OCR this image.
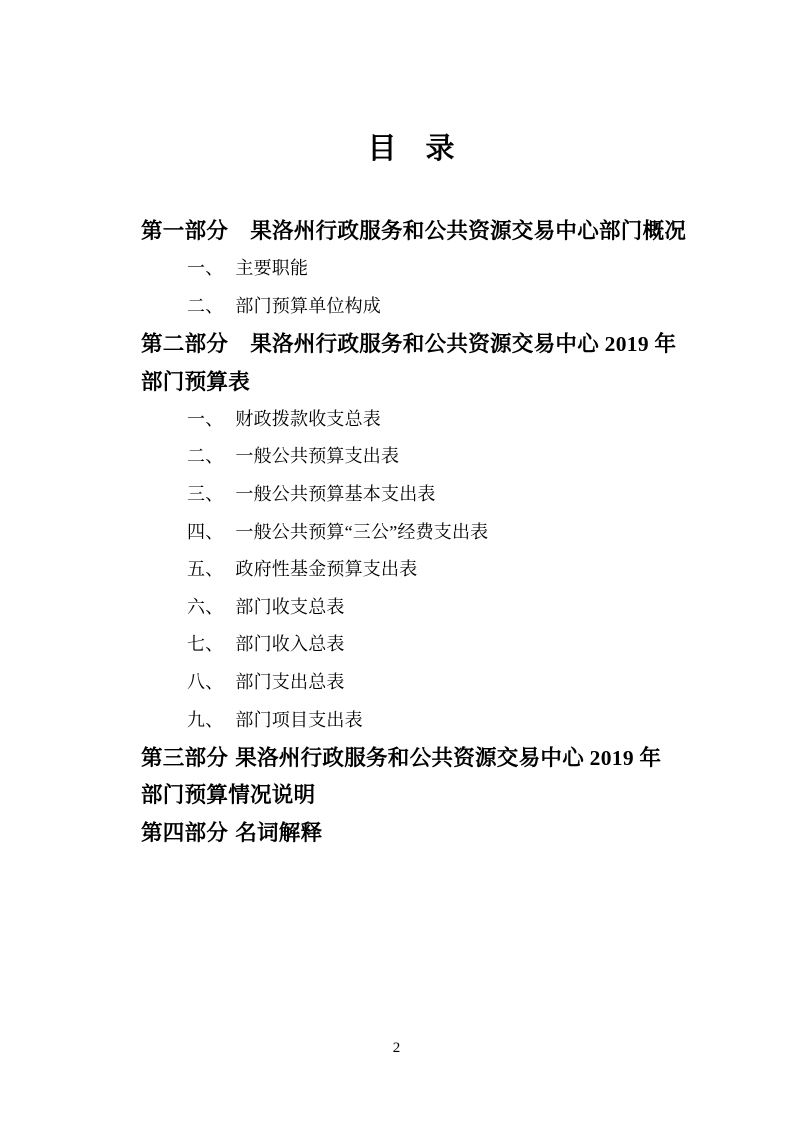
目　录
第一部分 果洛州行政服务和公共资源交易中心部门概况
一、 主要职能
二、 部门预算单位构成
第二部分 果洛州行政服务和公共资源交易中心 2019 年
部门预算表
一、 财政拨款收支总表
二、 一般公共预算支出表
三、 一般公共预算基本支出表
四、 一般公共预算“三公”经费支出表
五、 政府性基金预算支出表
六、 部门收支总表
七、 部门收入总表
八、 部门支出总表
九、 部门项目支出表
第三部分 果洛州行政服务和公共资源交易中心 2019 年
部门预算情况说明
第四部分 名词解释
2
